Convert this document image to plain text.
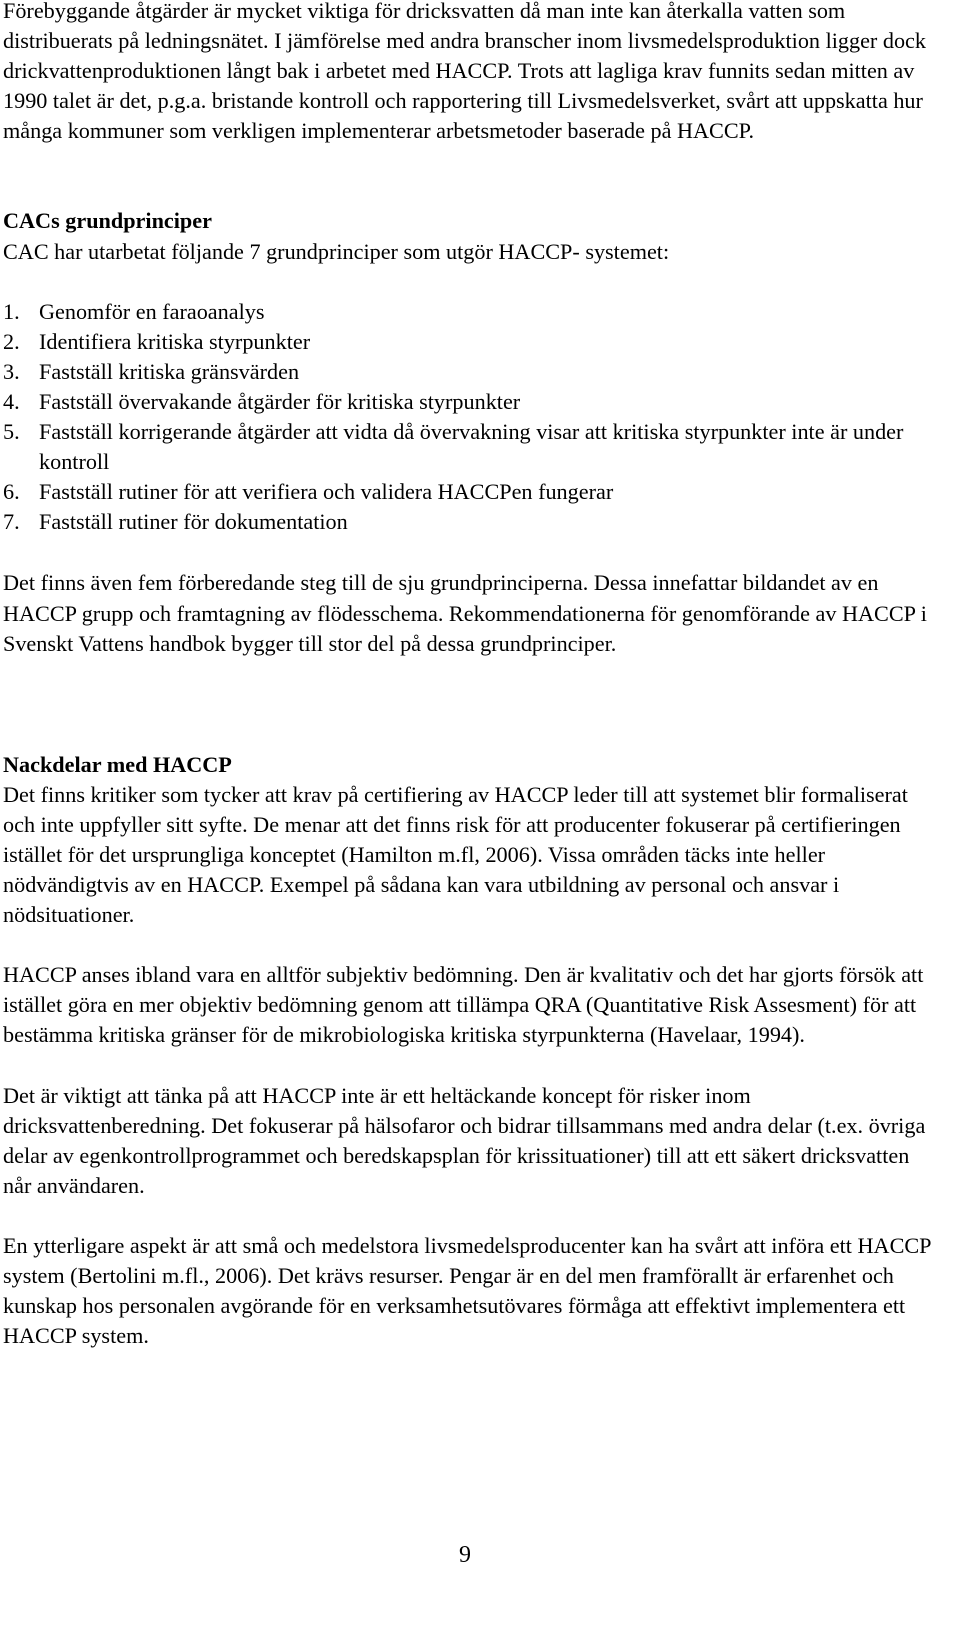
Förebyggande åtgärder är mycket viktiga för dricksvatten då man inte kan återkalla vatten som distribuerats på ledningsnätet. I jämförelse med andra branscher inom livsmedelsproduktion ligger dock drickvattenproduktionen långt bak i arbetet med HACCP. Trots att lagliga krav funnits sedan mitten av 1990 talet är det, p.g.a. bristande kontroll och rapportering till Livsmedelsverket, svårt att uppskatta hur många kommuner som verkligen implementerar arbetsmetoder baserade på HACCP.

CACs grundprinciper

CAC har utarbetat följande 7 grundprinciper som utgör HACCP- systemet:

1. Genomför en faraoanalys
2. Identifiera kritiska styrpunkter
3. Fastställ kritiska gränsvärden
4. Fastställ övervakande åtgärder för kritiska styrpunkter
5. Fastställ korrigerande åtgärder att vidta då övervakning visar att kritiska styrpunkter inte är under kontroll
6. Fastställ rutiner för att verifiera och validera HACCPen fungerar
7. Fastställ rutiner för dokumentation

Det finns även fem förberedande steg till de sju grundprinciperna. Dessa innefattar bildandet av en HACCP grupp och framtagning av flödesschema. Rekommendationerna för genomförande av HACCP i Svenskt Vattens handbok bygger till stor del på dessa grundprinciper.

Nackdelar med HACCP

Det finns kritiker som tycker att krav på certifiering av HACCP leder till att systemet blir formaliserat och inte uppfyller sitt syfte. De menar att det finns risk för att producenter fokuserar på certifieringen istället för det ursprungliga konceptet (Hamilton m.fl, 2006). Vissa områden täcks inte heller nödvändigtvis av en HACCP. Exempel på sådana kan vara utbildning av personal och ansvar i nödsituationer.

HACCP anses ibland vara en alltför subjektiv bedömning. Den är kvalitativ och det har gjorts försök att istället göra en mer objektiv bedömning genom att tillämpa QRA (Quantitative Risk Assesment) för att bestämma kritiska gränser för de mikrobiologiska kritiska styrpunkterna (Havelaar, 1994).

Det är viktigt att tänka på att HACCP inte är ett heltäckande koncept för risker inom dricksvattenberedning. Det fokuserar på hälsofaror och bidrar tillsammans med andra delar (t.ex. övriga delar av egenkontrollprogrammet och beredskapsplan för krissituationer) till att ett säkert dricksvatten når användaren.

En ytterligare aspekt är att små och medelstora livsmedelsproducenter kan ha svårt att införa ett HACCP system (Bertolini m.fl., 2006). Det krävs resurser. Pengar är en del men framförallt är erfarenhet och kunskap hos personalen avgörande för en verksamhetsutövares förmåga att effektivt implementera ett HACCP system.

9
